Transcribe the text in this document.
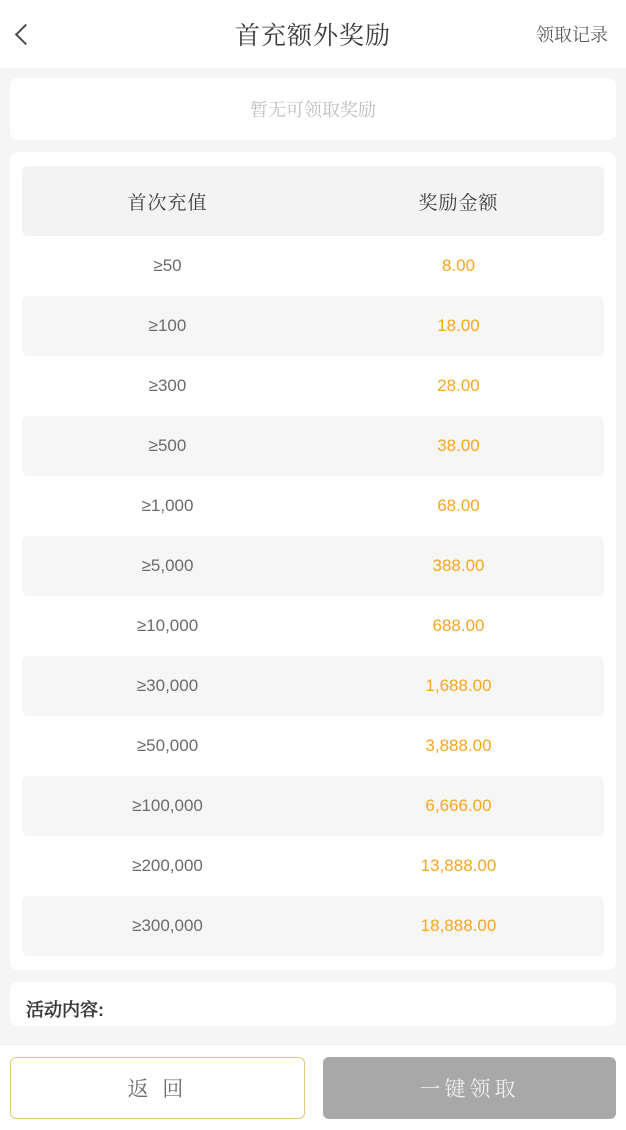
首充额外奖励	领取记录
暂无可领取奖励
首次充值	奖励金额
≥50	8.00
≥100	18.00
≥300	28.00
≥500	38.00
≥1,000	68.00
≥5,000	388.00
≥10,000	688.00
≥30,000	1,688.00
≥50,000	3,888.00
≥100,000	6,666.00
≥200,000	13,888.00
≥300,000	18,888.00
活动内容:
返 回	一键领取
